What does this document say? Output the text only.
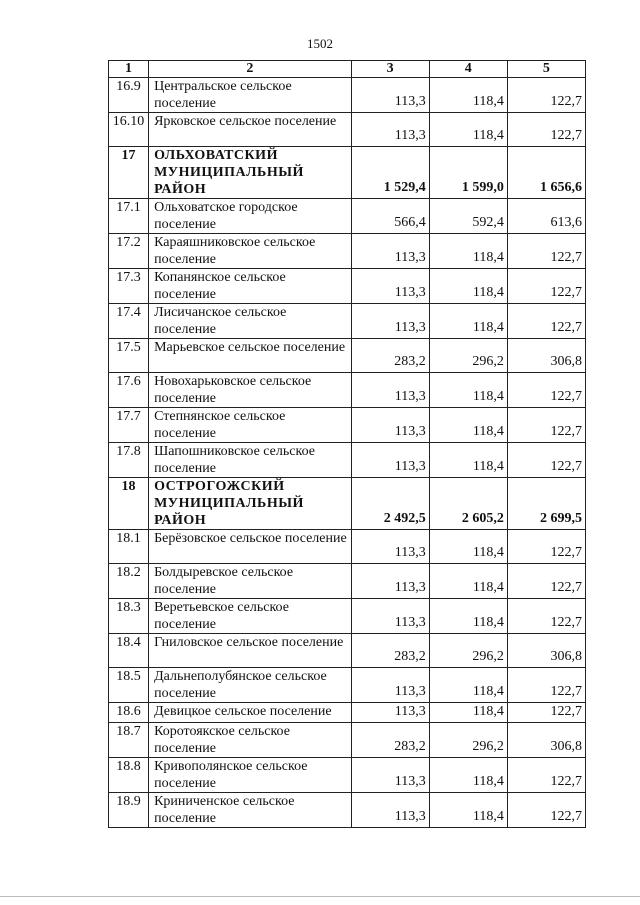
1502
1	2	3	4	5
16.9	Центральское сельское поселение	113,3	118,4	122,7
16.10	Ярковское сельское поселение	113,3	118,4	122,7
17	ОЛЬХОВАТСКИЙ МУНИЦИПАЛЬНЫЙ РАЙОН	1 529,4	1 599,0	1 656,6
17.1	Ольховатское городское поселение	566,4	592,4	613,6
17.2	Караяшниковское сельское поселение	113,3	118,4	122,7
17.3	Копанянское сельское поселение	113,3	118,4	122,7
17.4	Лисичанское сельское поселение	113,3	118,4	122,7
17.5	Марьевское сельское поселение	283,2	296,2	306,8
17.6	Новохарьковское сельское поселение	113,3	118,4	122,7
17.7	Степнянское сельское поселение	113,3	118,4	122,7
17.8	Шапошниковское сельское поселение	113,3	118,4	122,7
18	ОСТРОГОЖСКИЙ МУНИЦИПАЛЬНЫЙ РАЙОН	2 492,5	2 605,2	2 699,5
18.1	Берёзовское сельское поселение	113,3	118,4	122,7
18.2	Болдыревское сельское поселение	113,3	118,4	122,7
18.3	Веретьевское сельское поселение	113,3	118,4	122,7
18.4	Гниловское сельское поселение	283,2	296,2	306,8
18.5	Дальнеполубянское сельское поселение	113,3	118,4	122,7
18.6	Девицкое сельское поселение	113,3	118,4	122,7
18.7	Коротоякское сельское поселение	283,2	296,2	306,8
18.8	Кривополянское сельское поселение	113,3	118,4	122,7
18.9	Криниченское сельское поселение	113,3	118,4	122,7
